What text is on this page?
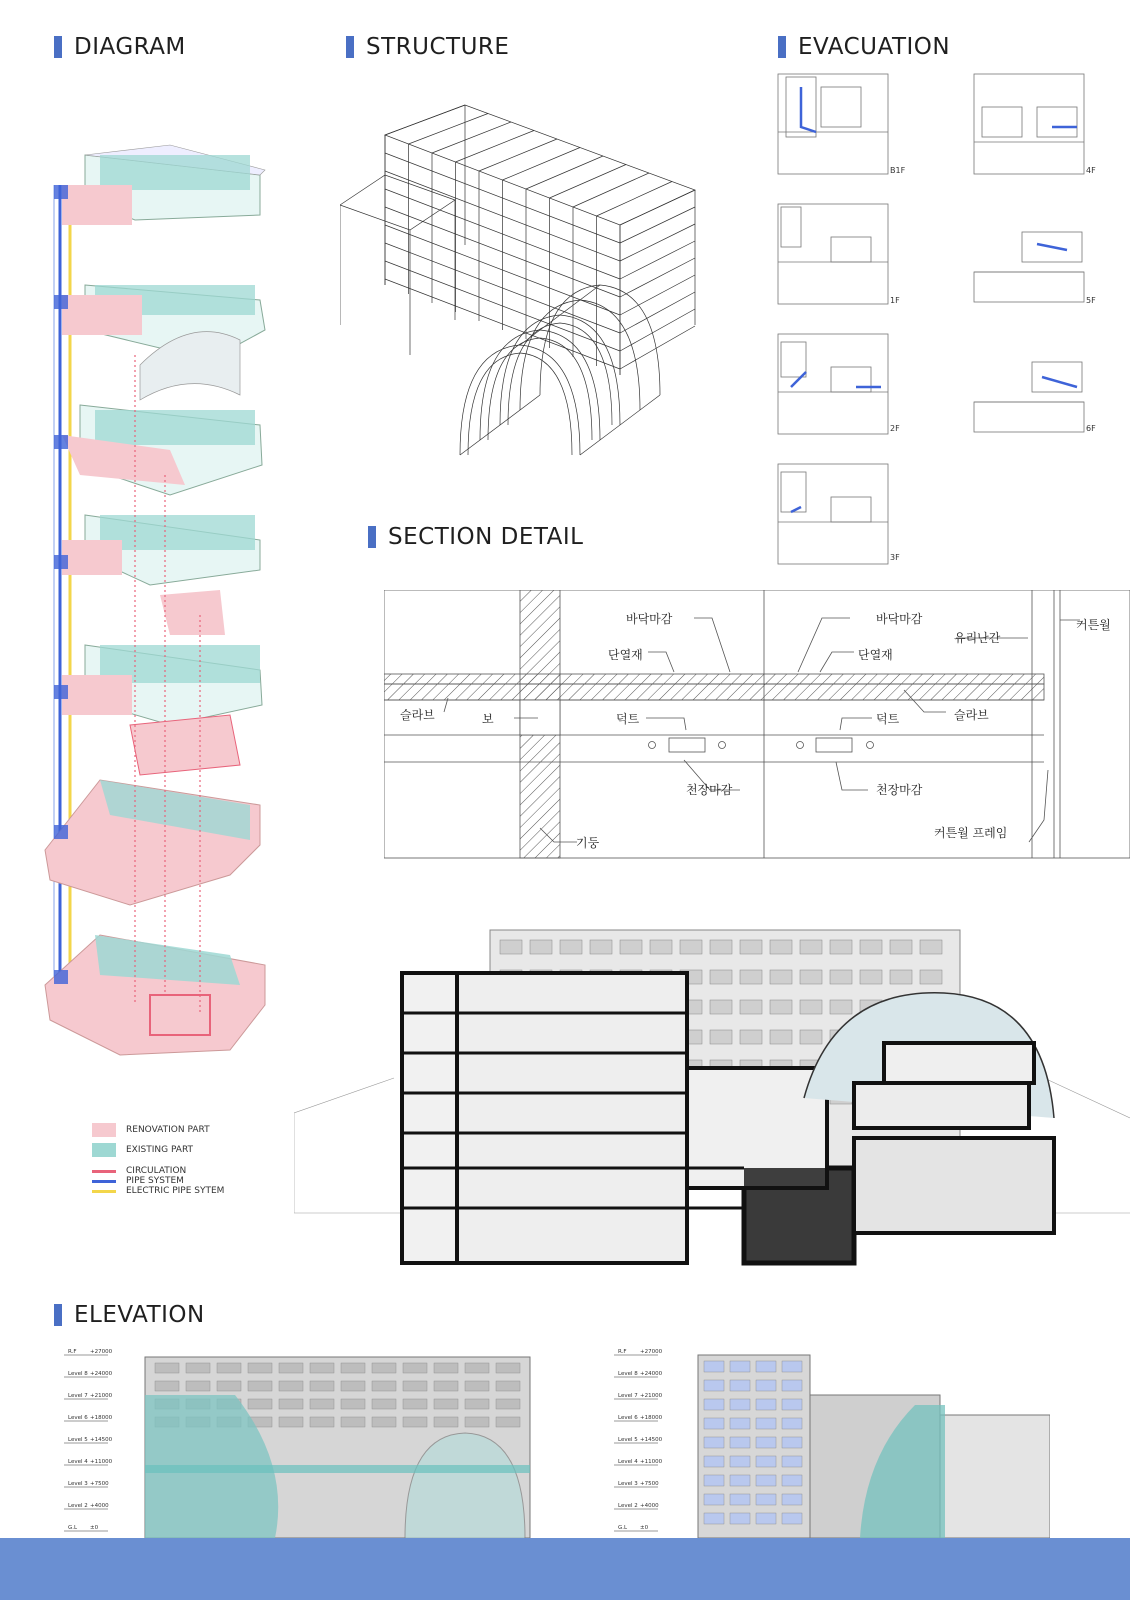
DIAGRAM	STRUCTURE	EVACUATION
SECTION DETAIL
ELEVATION
RENOVATION PART
EXISTING PART
CIRCULATION
PIPE SYSTEM
ELECTRIC PIPE SYTEM
B1F	4F
1F	5F
2F	6F
3F
바닥마감
단열재
슬라브	보	덕트
천장마감
기둥
바닥마감
단열재
덕트	슬라브
천장마감
유리난간
커튼월
커튼월 프레임
R.F +27000
Level 8 +24000
Level 7 +21000
Level 6 +18000
Level 5 +14500
Level 4 +11000
Level 3 +7500
Level 2 +4000
G.L ±0
R.F +27000
Level 8 +24000
Level 7 +21000
Level 6 +18000
Level 5 +14500
Level 4 +11000
Level 3 +7500
Level 2 +4000
G.L ±0
